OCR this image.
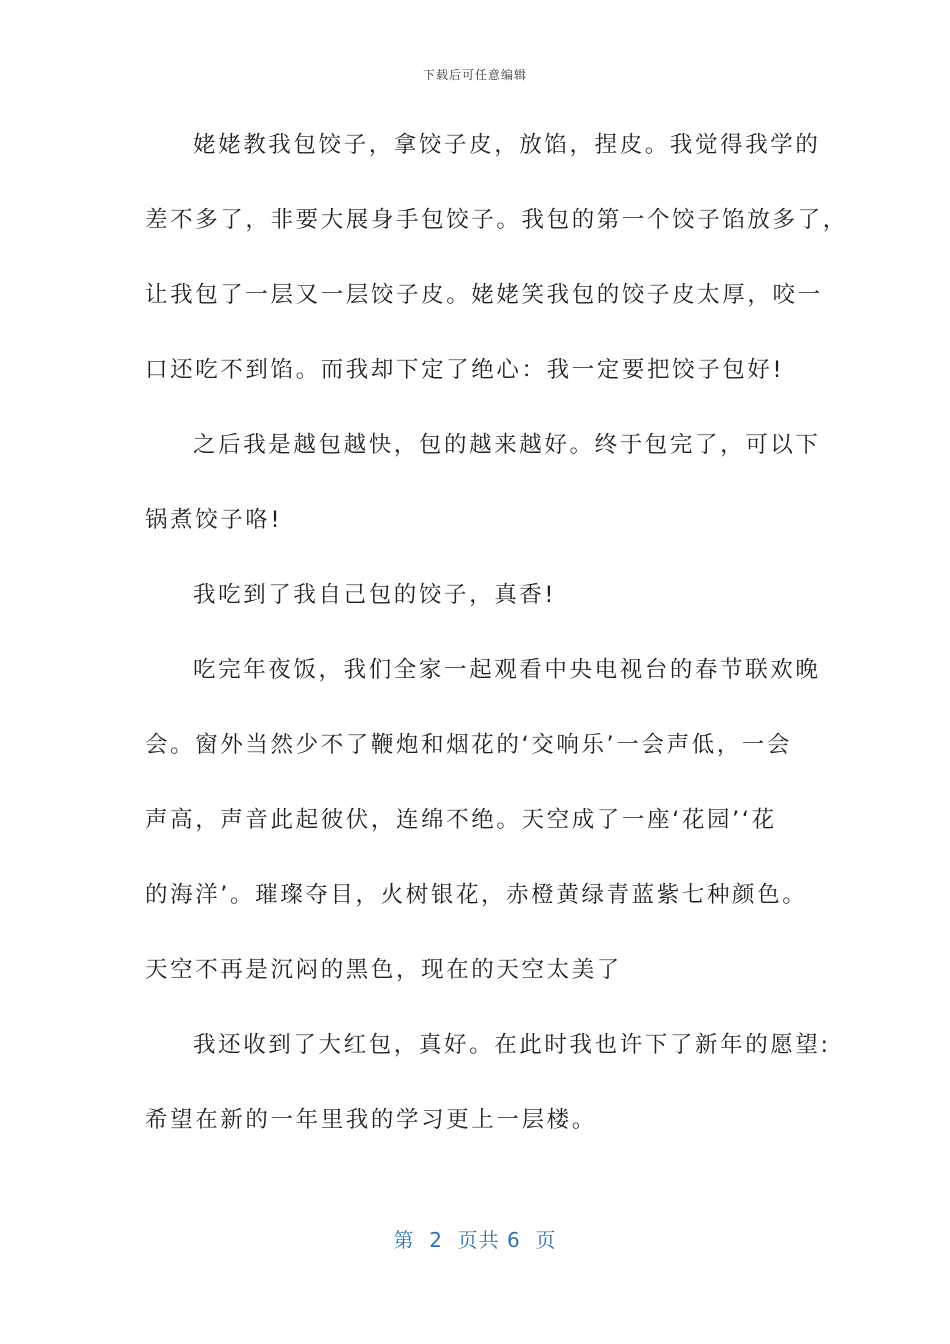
下载后可任意编辑
姥姥教我包饺子，拿饺子皮，放馅，捏皮。我觉得我学的
差不多了，非要大展身手包饺子。我包的第一个饺子馅放多了，
让我包了一层又一层饺子皮。姥姥笑我包的饺子皮太厚，咬一
口还吃不到馅。而我却下定了绝心：我一定要把饺子包好!
之后我是越包越快，包的越来越好。终于包完了，可以下
锅煮饺子咯!
我吃到了我自己包的饺子，真香!
吃完年夜饭，我们全家一起观看中央电视台的春节联欢晚
会。窗外当然少不了鞭炮和烟花的‘交响乐’一会声低，一会
声高，声音此起彼伏，连绵不绝。天空成了一座‘花园’‘花
的海洋’。璀璨夺目，火树银花，赤橙黄绿青蓝紫七种颜色。
天空不再是沉闷的黑色，现在的天空太美了
我还收到了大红包，真好。在此时我也许下了新年的愿望:
希望在新的一年里我的学习更上一层楼。
第  2  页共 6  页
